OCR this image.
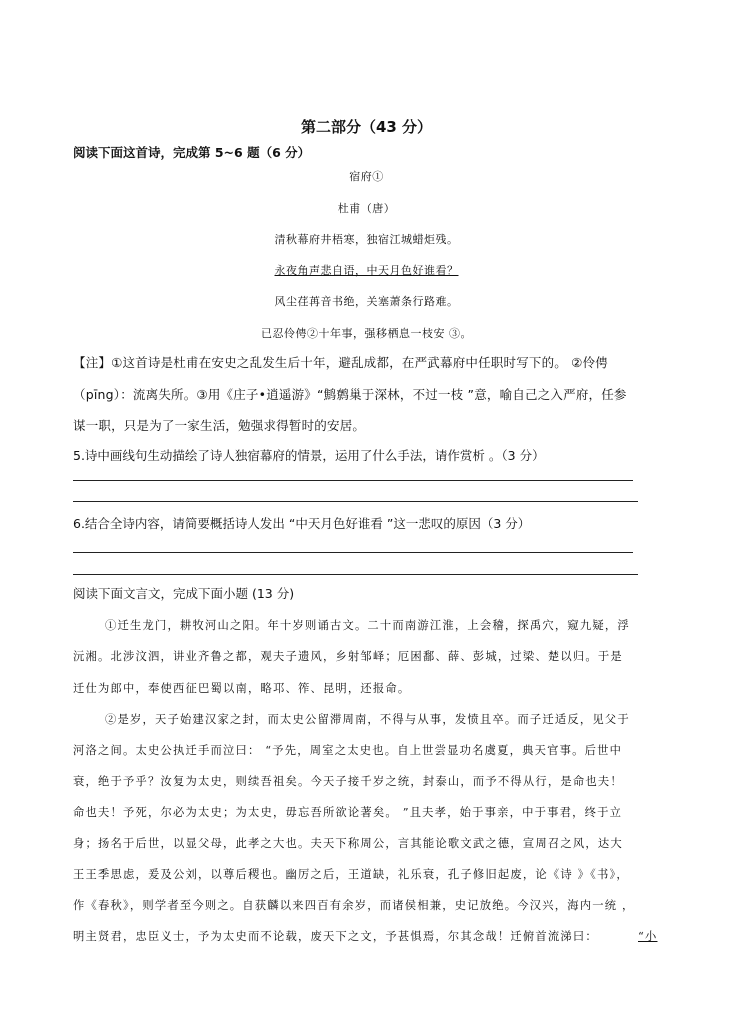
第二部分（43 分）
阅读下面这首诗，完成第 5~6 题（6 分）
宿府①
杜甫（唐）
清秋幕府井梧寒，独宿江城蜡炬残。
永夜角声悲自语，中天月色好谁看？
风尘荏苒音书绝，关塞萧条行路难。
已忍伶俜②十年事，强移栖息一枝安 ③。
【注】①这首诗是杜甫在安史之乱发生后十年，避乱成都，在严武幕府中任职时写下的。 ②伶俜
（pīng）：流离失所。③用《庄子•逍遥游》“鹪鹩巢于深林，不过一枝 ”意，喻自己之入严府，任参
谋一职，只是为了一家生活，勉强求得暂时的安居。
5.诗中画线句生动描绘了诗人独宿幕府的情景，运用了什么手法，请作赏析 。（3 分）
6.结合全诗内容，请简要概括诗人发出 “中天月色好谁看 ”这一悲叹的原因（3 分）
阅读下面文言文，完成下面小题 (13 分)
①迁生龙门，耕牧河山之阳。年十岁则诵古文。二十而南游江淮，上会稽，探禹穴，窥九疑，浮
沅湘。北涉汶泗，讲业齐鲁之都，观夫子遗风，乡射邹峄；厄困鄱、薛、彭城，过梁、楚以归。于是
迁仕为郎中，奉使西征巴蜀以南，略邛、筰、昆明，还报命。
②是岁，天子始建汉家之封，而太史公留滞周南，不得与从事，发愤且卒。而子迁适反，见父于
河洛之间。太史公执迁手而泣曰： “予先，周室之太史也。自上世尝显功名虞夏，典天官事。后世中
衰，绝于予乎？汝复为太史，则续吾祖矣。今天子接千岁之统，封泰山，而予不得从行，是命也夫！
命也夫！予死，尔必为太史；为太史，毋忘吾所欲论著矣。 ”且夫孝，始于事亲，中于事君，终于立
身；扬名于后世，以显父母，此孝之大也。夫天下称周公，言其能论歌文武之德，宣周召之风，达大
王王季思虑，爰及公刘，以尊后稷也。幽厉之后，王道缺，礼乐衰，孔子修旧起废，论《诗 》《书》，
作《春秋》，则学者至今则之。自获麟以来四百有余岁，而诸侯相兼，史记放绝。今汉兴，海内一统 ，
明主贤君，忠臣义士，予为太史而不论载，废天下之文，予甚惧焉，尔其念哉！迁俯首流涕曰：	“小
